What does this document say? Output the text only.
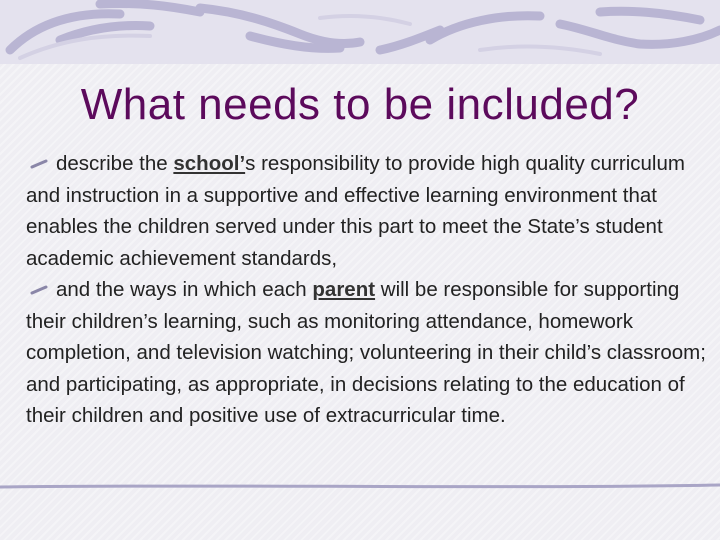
What needs to be included?

describe the school’s responsibility to provide high quality curriculum and instruction in a supportive and effective learning environment that enables the children served under this part to meet the State’s student academic achievement standards,

and the ways in which each parent will be responsible for supporting their children’s learning, such as monitoring attendance, homework completion, and television watching; volunteering in their child’s classroom; and participating, as appropriate, in decisions relating to the education of their children and positive use of extracurricular time.
